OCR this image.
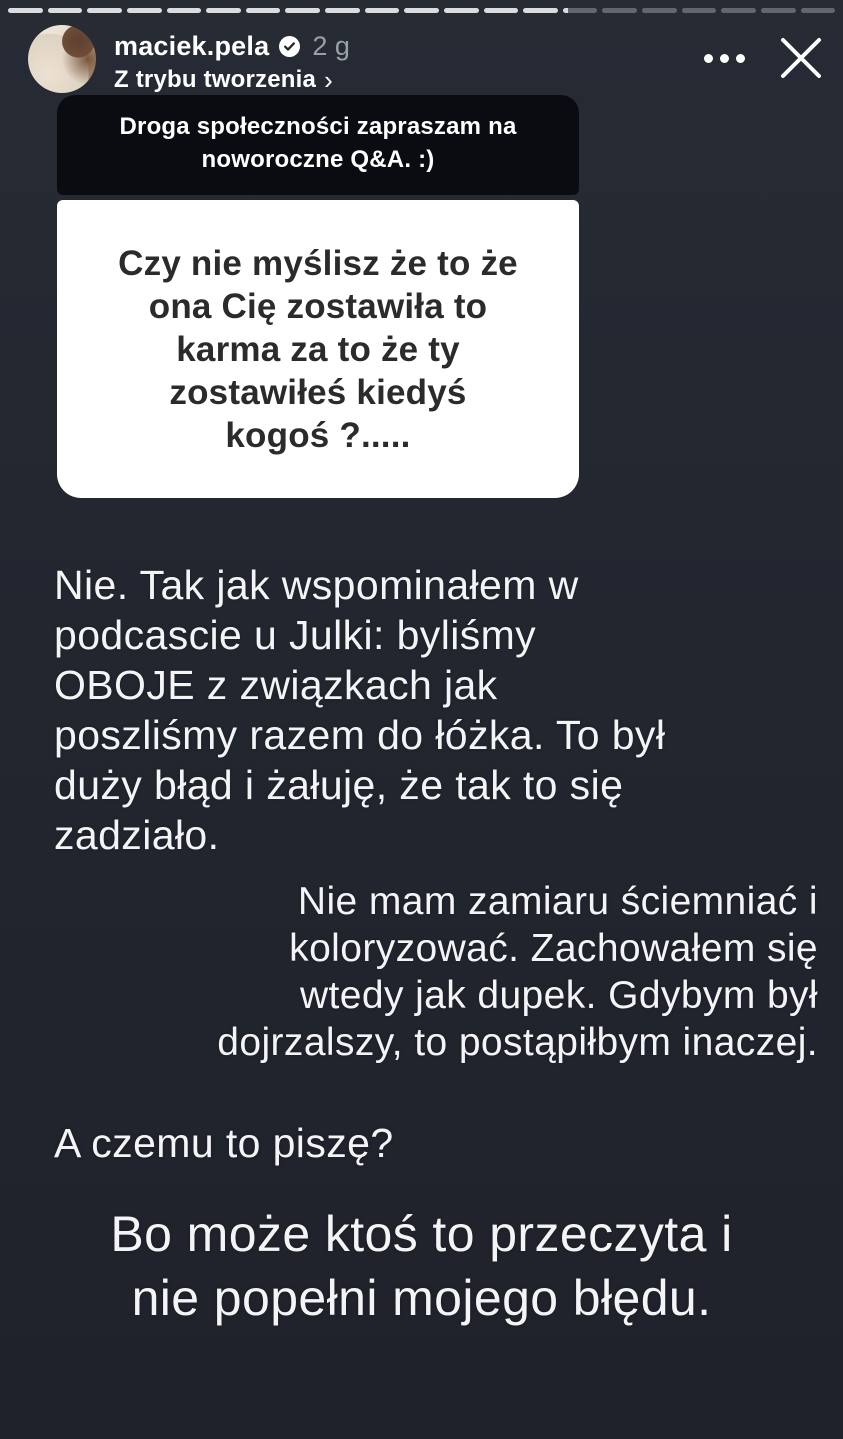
maciek.pela 2 g
Z trybu tworzenia ›
Droga społeczności zapraszam na
noworoczne Q&A. :)
Czy nie myślisz że to że
ona Cię zostawiła to
karma za to że ty
zostawiłeś kiedyś
kogoś ?.....
Nie. Tak jak wspominałem w
podcascie u Julki: byliśmy
OBOJE z związkach jak
poszliśmy razem do łóżka. To był
duży błąd i żałuję, że tak to się
zadziało.
Nie mam zamiaru ściemniać i
koloryzować. Zachowałem się
wtedy jak dupek. Gdybym był
dojrzalszy, to postąpiłbym inaczej.
A czemu to piszę?
Bo może ktoś to przeczyta i
nie popełni mojego błędu.
